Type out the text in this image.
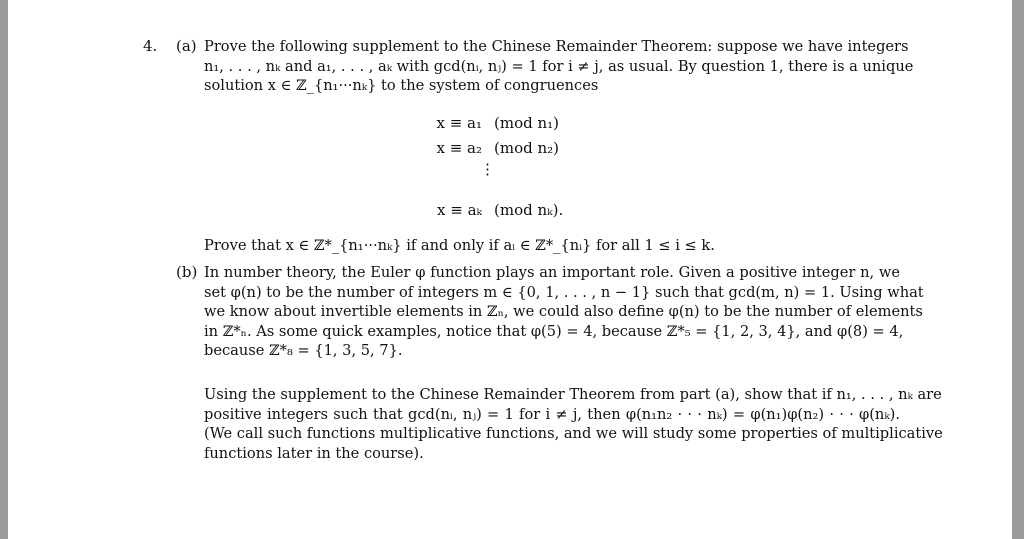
4. (a) Prove the following supplement to the Chinese Remainder Theorem: suppose we have integers
n₁, . . . , nₖ and a₁, . . . , aₖ with gcd(nᵢ, nⱼ) = 1 for i ≠ j, as usual. By question 1, there is a unique
solution x ∈ ℤ_{n₁···nₖ} to the system of congruences
x ≡ a₁ (mod n₁)
x ≡ a₂ (mod n₂)
⋮
x ≡ aₖ (mod nₖ).
Prove that x ∈ ℤ*_{n₁···nₖ} if and only if aᵢ ∈ ℤ*_{nᵢ} for all 1 ≤ i ≤ k.
(b) In number theory, the Euler φ function plays an important role. Given a positive integer n, we
set φ(n) to be the number of integers m ∈ {0, 1, . . . , n − 1} such that gcd(m, n) = 1. Using what
we know about invertible elements in ℤₙ, we could also define φ(n) to be the number of elements
in ℤ*ₙ. As some quick examples, notice that φ(5) = 4, because ℤ*₅ = {1, 2, 3, 4}, and φ(8) = 4,
because ℤ*₈ = {1, 3, 5, 7}.
Using the supplement to the Chinese Remainder Theorem from part (a), show that if n₁, . . . , nₖ are
positive integers such that gcd(nᵢ, nⱼ) = 1 for i ≠ j, then φ(n₁n₂ · · · nₖ) = φ(n₁)φ(n₂) · · · φ(nₖ).
(We call such functions multiplicative functions, and we will study some properties of multiplicative
functions later in the course).
